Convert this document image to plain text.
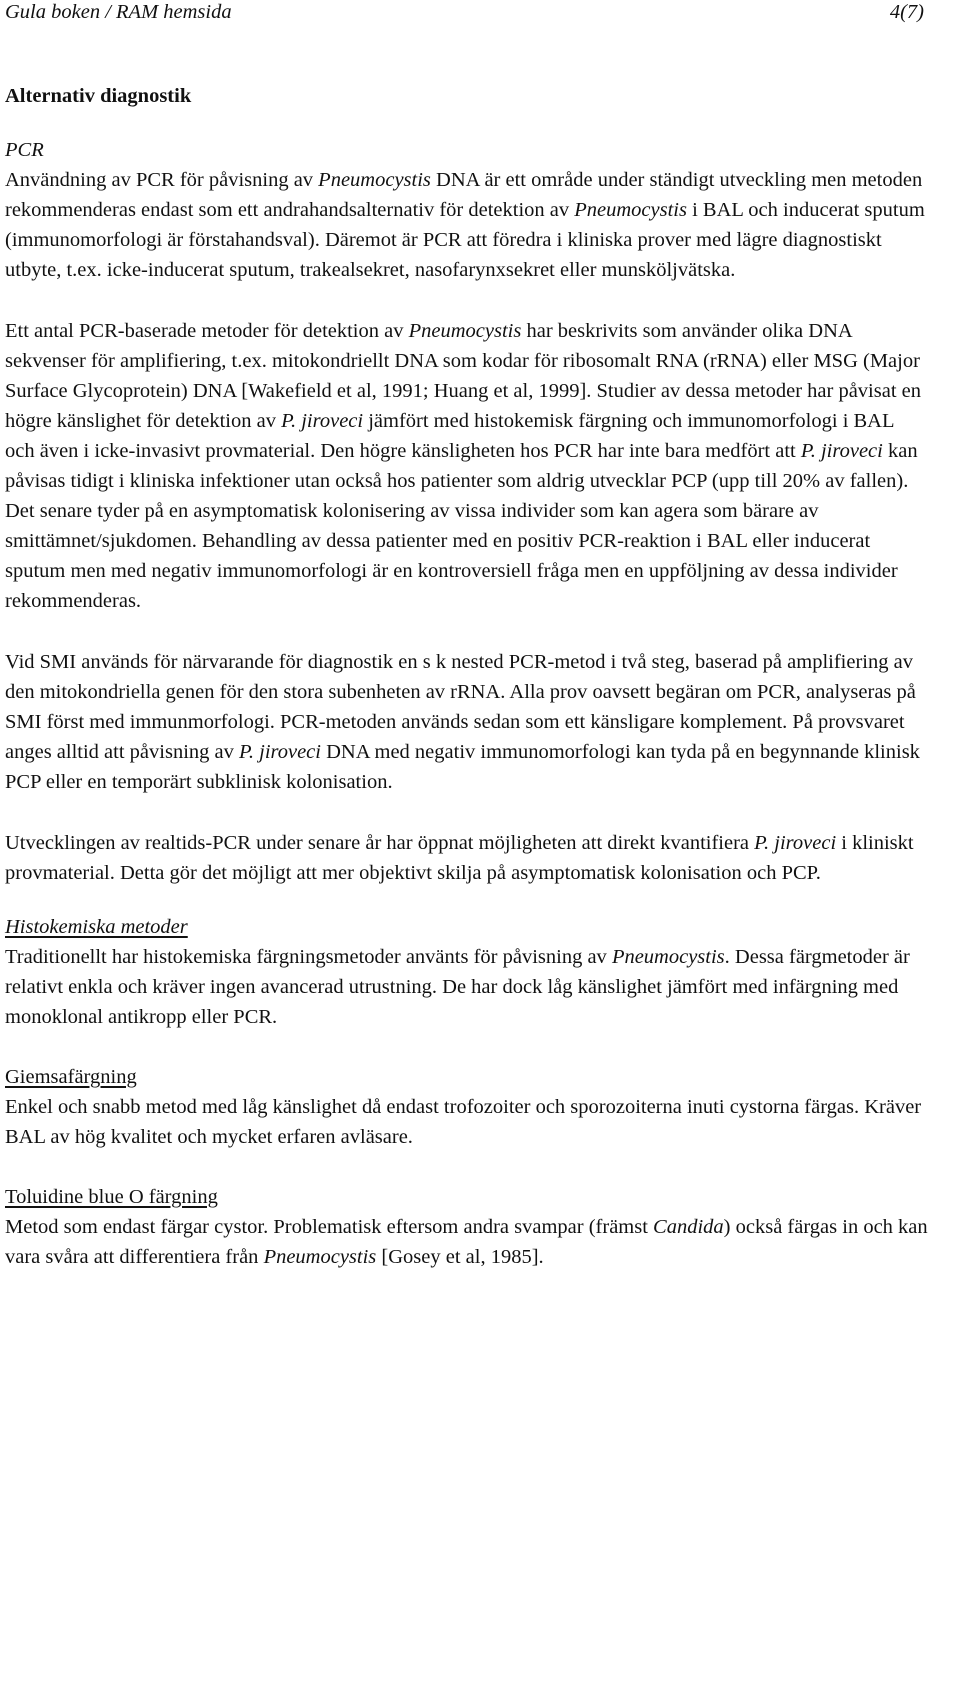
Gula boken / RAM hemsida	4(7)
Alternativ diagnostik
PCR

Användning av PCR för påvisning av Pneumocystis DNA är ett område under ständigt utveckling men metoden rekommenderas endast som ett andrahandsalternativ för detektion av Pneumocystis i BAL och inducerat sputum (immunomorfologi är förstahandsval). Däremot är PCR att föredra i kliniska prover med lägre diagnostiskt utbyte, t.ex. icke-inducerat sputum, trakealsekret, nasofarynxsekret eller munsköljvätska.

Ett antal PCR-baserade metoder för detektion av Pneumocystis har beskrivits som använder olika DNA sekvenser för amplifiering, t.ex. mitokondriellt DNA som kodar för ribosomalt RNA (rRNA) eller MSG (Major Surface Glycoprotein) DNA [Wakefield et al, 1991; Huang et al, 1999]. Studier av dessa metoder har påvisat en högre känslighet för detektion av P. jiroveci jämfört med histokemisk färgning och immunomorfologi i BAL och även i icke-invasivt provmaterial. Den högre känsligheten hos PCR har inte bara medfört att P. jiroveci kan påvisas tidigt i kliniska infektioner utan också hos patienter som aldrig utvecklar PCP (upp till 20% av fallen). Det senare tyder på en asymptomatisk kolonisering av vissa individer som kan agera som bärare av smittämnet/sjukdomen. Behandling av dessa patienter med en positiv PCR-reaktion i BAL eller inducerat sputum men med negativ immunomorfologi är en kontroversiell fråga men en uppföljning av dessa individer rekommenderas.

Vid SMI används för närvarande för diagnostik en s k nested PCR-metod i två steg, baserad på amplifiering av den mitokondriella genen för den stora subenheten av rRNA. Alla prov oavsett begäran om PCR, analyseras på SMI först med immunmorfologi. PCR-metoden används sedan som ett känsligare komplement. På provsvaret anges alltid att påvisning av P. jiroveci DNA med negativ immunomorfologi kan tyda på en begynnande klinisk PCP eller en temporärt subklinisk kolonisation.

Utvecklingen av realtids-PCR under senare år har öppnat möjligheten att direkt kvantifiera P. jiroveci i kliniskt provmaterial. Detta gör det möjligt att mer objektivt skilja på asymptomatisk kolonisation och PCP.

Histokemiska metoder

Traditionellt har histokemiska färgningsmetoder använts för påvisning av Pneumocystis. Dessa färgmetoder är relativt enkla och kräver ingen avancerad utrustning. De har dock låg känslighet jämfört med infärgning med monoklonal antikropp eller PCR.

Giemsafärgning

Enkel och snabb metod med låg känslighet då endast trofozoiter och sporozoiterna inuti cystorna färgas. Kräver BAL av hög kvalitet och mycket erfaren avläsare.

Toluidine blue O färgning

Metod som endast färgar cystor. Problematisk eftersom andra svampar (främst Candida) också färgas in och kan vara svåra att differentiera från Pneumocystis [Gosey et al, 1985].
